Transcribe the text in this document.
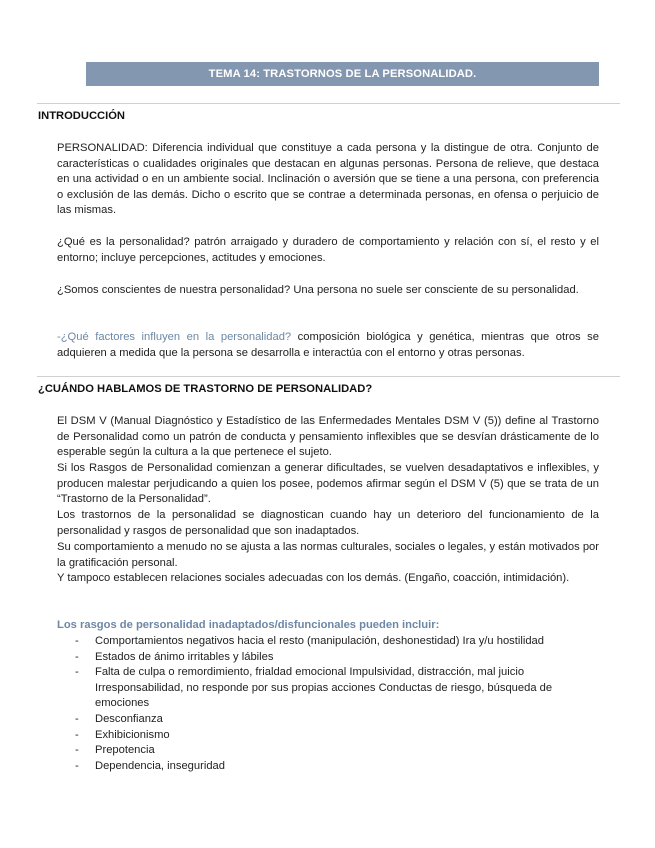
TEMA 14: TRASTORNOS DE LA PERSONALIDAD.
INTRODUCCIÓN

PERSONALIDAD: Diferencia individual que constituye a cada persona y la distingue de otra. Conjunto de características o cualidades originales que destacan en algunas personas. Persona de relieve, que destaca en una actividad o en un ambiente social. Inclinación o aversión que se tiene a una persona, con preferencia o exclusión de las demás. Dicho o escrito que se contrae a determinada personas, en ofensa o perjuicio de las mismas.

¿Qué es la personalidad? patrón arraigado y duradero de comportamiento y relación con sí, el resto y el entorno; incluye percepciones, actitudes y emociones.

¿Somos conscientes de nuestra personalidad? Una persona no suele ser consciente de su personalidad.

-¿Qué factores influyen en la personalidad? composición biológica y genética, mientras que otros se adquieren a medida que la persona se desarrolla e interactúa con el entorno y otras personas.

¿CUÁNDO HABLAMOS DE TRASTORNO DE PERSONALIDAD?

El DSM V (Manual Diagnóstico y Estadístico de las Enfermedades Mentales DSM V (5)) define al Trastorno de Personalidad como un patrón de conducta y pensamiento inflexibles que se desvían drásticamente de lo esperable según la cultura a la que pertenece el sujeto.

Si los Rasgos de Personalidad comienzan a generar dificultades, se vuelven desadaptativos e inflexibles, y producen malestar perjudicando a quien los posee, podemos afirmar según el DSM V (5) que se trata de un “Trastorno de la Personalidad”.

Los trastornos de la personalidad se diagnostican cuando hay un deterioro del funcionamiento de la personalidad y rasgos de personalidad que son inadaptados.

Su comportamiento a menudo no se ajusta a las normas culturales, sociales o legales, y están motivados por la gratificación personal.

Y tampoco establecen relaciones sociales adecuadas con los demás. (Engaño, coacción, intimidación).

Los rasgos de personalidad inadaptados/disfuncionales pueden incluir:

- Comportamientos negativos hacia el resto (manipulación, deshonestidad) Ira y/u hostilidad
- Estados de ánimo irritables y lábiles
- Falta de culpa o remordimiento, frialdad emocional Impulsividad, distracción, mal juicio Irresponsabilidad, no responde por sus propias acciones Conductas de riesgo, búsqueda de emociones
- Desconfianza
- Exhibicionismo
- Prepotencia
- Dependencia, inseguridad
